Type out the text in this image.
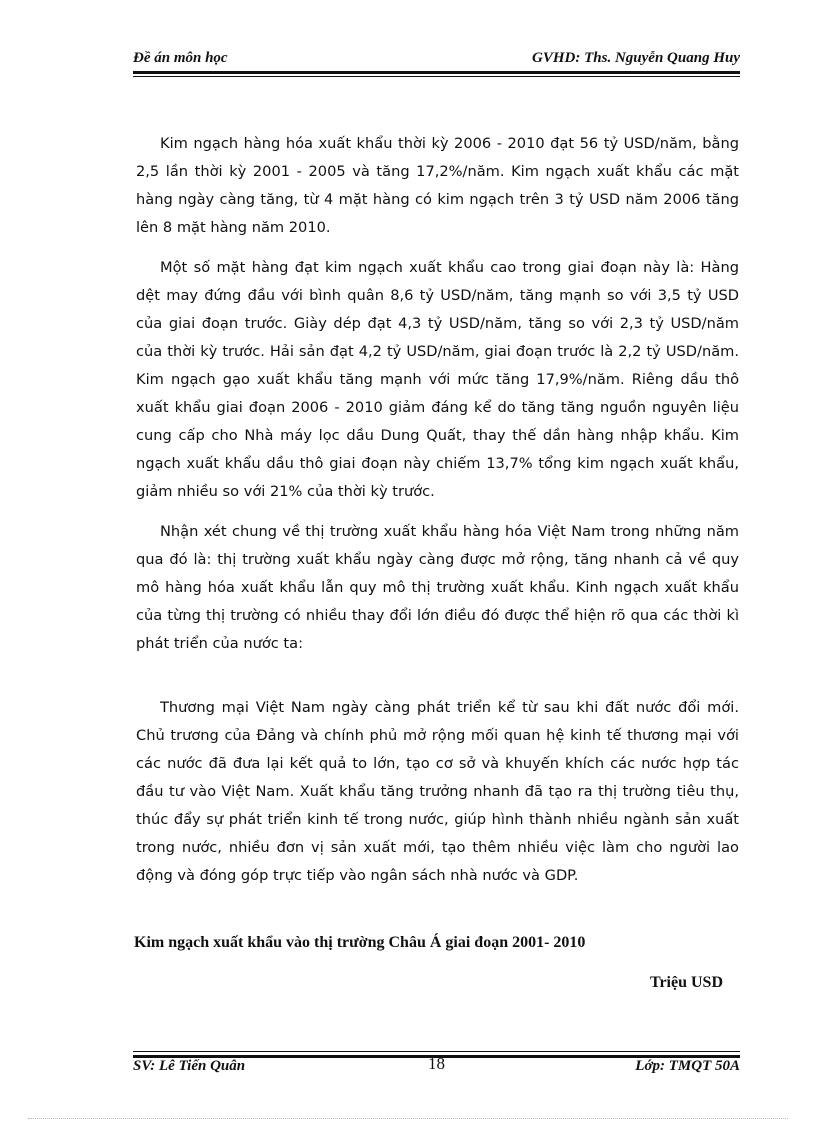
Đề án môn học	GVHD: Ths. Nguyễn Quang Huy

Kim ngạch hàng hóa xuất khẩu thời kỳ 2006 - 2010 đạt 56 tỷ USD/năm, bằng 2,5 lần thời kỳ 2001 - 2005 và tăng 17,2%/năm. Kim ngạch xuất khẩu các mặt hàng ngày càng tăng, từ 4 mặt hàng có kim ngạch trên 3 tỷ USD năm 2006 tăng lên 8 mặt hàng năm 2010.

Một số mặt hàng đạt kim ngạch xuất khẩu cao trong giai đoạn này là: Hàng dệt may đứng đầu với bình quân 8,6 tỷ USD/năm, tăng mạnh so với 3,5 tỷ USD của giai đoạn trước. Giày dép đạt 4,3 tỷ USD/năm, tăng so với 2,3 tỷ USD/năm của thời kỳ trước. Hải sản đạt 4,2 tỷ USD/năm, giai đoạn trước là 2,2 tỷ USD/năm. Kim ngạch gạo xuất khẩu tăng mạnh với mức tăng 17,9%/năm. Riêng dầu thô xuất khẩu giai đoạn 2006 - 2010 giảm đáng kể do tăng tăng nguồn nguyên liệu cung cấp cho Nhà máy lọc dầu Dung Quất, thay thế dần hàng nhập khẩu. Kim ngạch xuất khẩu dầu thô giai đoạn này chiếm 13,7% tổng kim ngạch xuất khẩu, giảm nhiều so với 21% của thời kỳ trước.

Nhận xét chung về thị trường xuất khẩu hàng hóa Việt Nam trong những năm qua đó là: thị trường xuất khẩu ngày càng được mở rộng, tăng nhanh cả về quy mô hàng hóa xuất khẩu lẫn quy mô thị trường xuất khẩu. Kinh ngạch xuất khẩu của từng thị trường có nhiều thay đổi lớn điều đó được thể hiện rõ qua các thời kì phát triển của nước ta:

Thương mại Việt Nam ngày càng phát triển kể từ sau khi đất nước đổi mới. Chủ trương của Đảng và chính phủ mở rộng mối quan hệ kinh tế thương mại với các nước đã đưa lại kết quả to lớn, tạo cơ sở và khuyến khích các nước hợp tác đầu tư vào Việt Nam. Xuất khẩu tăng trưởng nhanh đã tạo ra thị trường tiêu thụ, thúc đẩy sự phát triển kinh tế trong nước, giúp hình thành nhiều ngành sản xuất trong nước, nhiều đơn vị sản xuất mới, tạo thêm nhiều việc làm cho người lao động và đóng góp trực tiếp vào ngân sách nhà nước và GDP.

Kim ngạch xuất khẩu vào thị trường Châu Á giai đoạn 2001- 2010
Triệu USD
SV: Lê Tiến Quân	18	Lớp: TMQT 50A
